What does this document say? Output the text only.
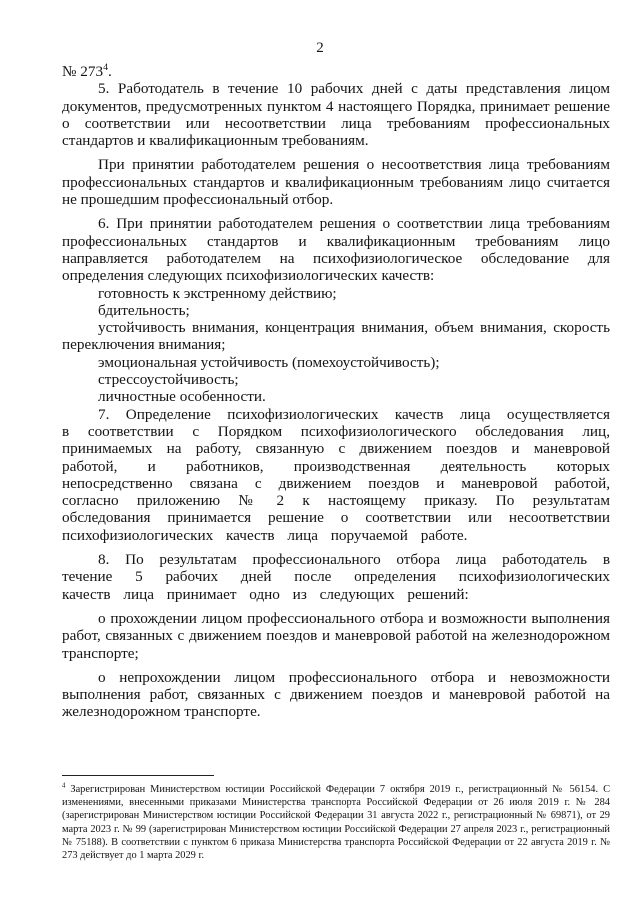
2

№ $273^4$.

5. Работодатель в течение 10 рабочих дней с даты представления лицом документов, предусмотренных пунктом 4 настоящего Порядка, принимает решение о соответствии или несоответствии лица требованиям профессиональных стандартов и квалификационным требованиям.

При принятии работодателем решения о несоответствия лица требованиям профессиональных стандартов и квалификационным требованиям лицо считается не прошедшим профессиональный отбор.

6. При принятии работодателем решения о соответствии лица требованиям профессиональных стандартов и квалификационным требованиям лицо направляется работодателем на психофизиологическое обследование для определения следующих психофизиологических качеств:

готовность к экстренному действию;

бдительность;

устойчивость внимания, концентрация внимания, объем внимания, скорость переключения внимания;

эмоциональная устойчивость (помехоустойчивость);

стрессоустойчивость;

личностные особенности.

7. Определение психофизиологических качеств лица осуществляется в соответствии с Порядком психофизиологического обследования лиц, принимаемых на работу, связанную с движением поездов и маневровой работой, и работников, производственная деятельность которых непосредственно связана с движением поездов и маневровой работой, согласно приложению № 2 к настоящему приказу. По результатам обследования принимается решение о соответствии или несоответствии психофизиологических качеств лица поручаемой работе.

8. По результатам профессионального отбора лица работодатель в течение 5 рабочих дней после определения психофизиологических качеств лица принимает одно из следующих решений:

о прохождении лицом профессионального отбора и возможности выполнения работ, связанных с движением поездов и маневровой работой на железнодорожном транспорте;

о непрохождении лицом профессионального отбора и невозможности выполнения работ, связанных с движением поездов и маневровой работой на железнодорожном транспорте.

$^4$ Зарегистрирован Министерством юстиции Российской Федерации 7 октября 2019 г., регистрационный № 56154. С изменениями, внесенными приказами Министерства транспорта Российской Федерации от 26 июля 2019 г. № 284 (зарегистрирован Министерством юстиции Российской Федерации 31 августа 2022 г., регистрационный № 69871), от 29 марта 2023 г. № 99 (зарегистрирован Министерством юстиции Российской Федерации 27 апреля 2023 г., регистрационный № 75188). В соответствии с пунктом 6 приказа Министерства транспорта Российской Федерации от 22 августа 2019 г. № 273 действует до 1 марта 2029 г.
